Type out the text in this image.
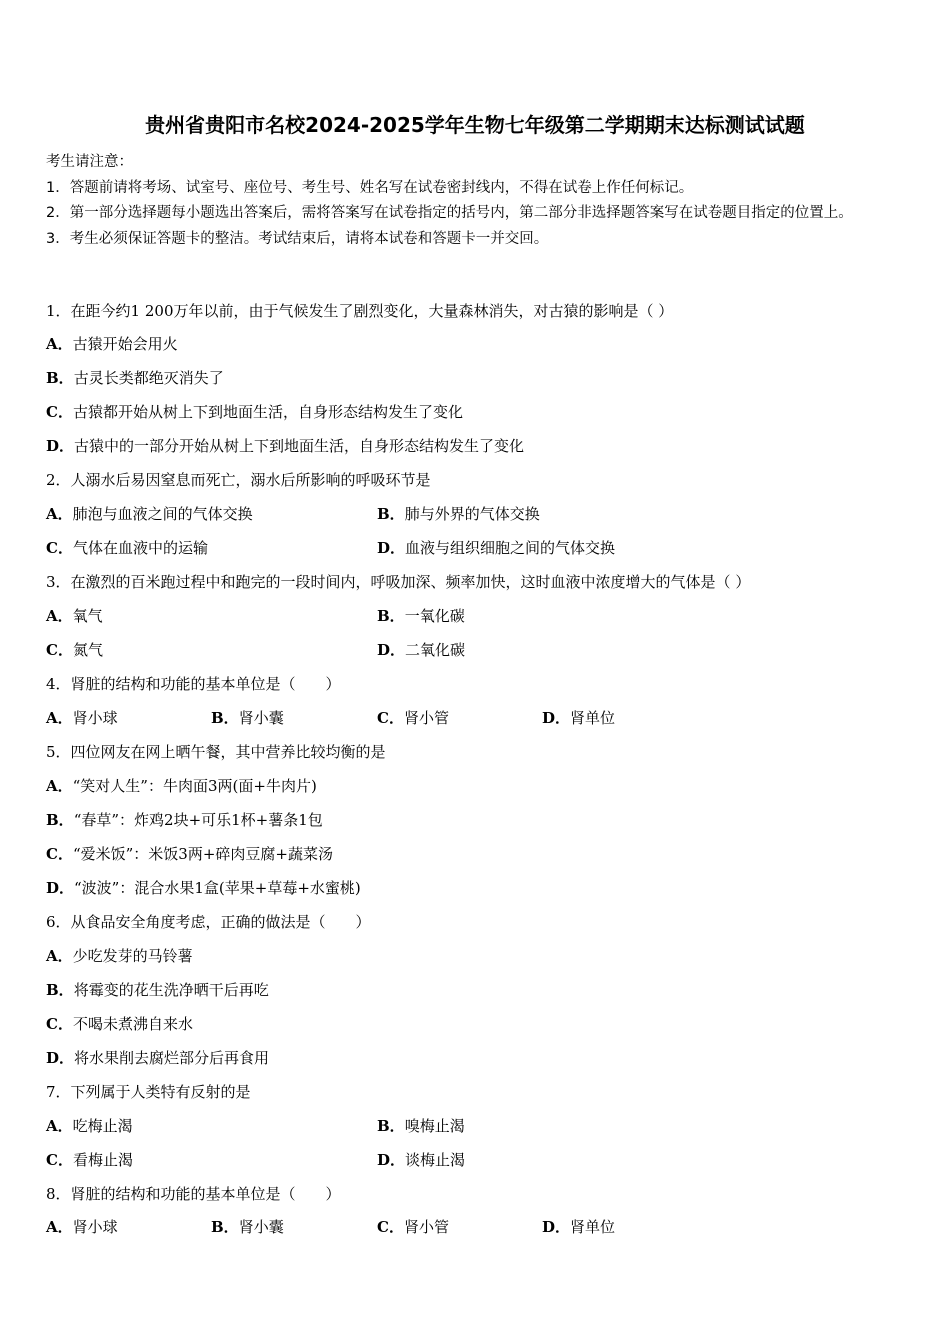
贵州省贵阳市名校2024-2025学年生物七年级第二学期期末达标测试试题
考生请注意：
1．答题前请将考场、试室号、座位号、考生号、姓名写在试卷密封线内，不得在试卷上作任何标记。
2．第一部分选择题每小题选出答案后，需将答案写在试卷指定的括号内，第二部分非选择题答案写在试卷题目指定的位置上。
3．考生必须保证答题卡的整洁。考试结束后，请将本试卷和答题卡一并交回。
1．在距今约1 200万年以前，由于气候发生了剧烈变化，大量森林消失，对古猿的影响是（ ）
A．古猿开始会用火
B．古灵长类都绝灭消失了
C．古猿都开始从树上下到地面生活，自身形态结构发生了变化
D．古猿中的一部分开始从树上下到地面生活，自身形态结构发生了变化
2．人溺水后易因窒息而死亡，溺水后所影响的呼吸环节是
A．肺泡与血液之间的气体交换	B．肺与外界的气体交换
C．气体在血液中的运输	D．血液与组织细胞之间的气体交换
3．在激烈的百米跑过程中和跑完的一段时间内，呼吸加深、频率加快，这时血液中浓度增大的气体是（ ）
A．氧气	B．一氧化碳
C．氮气	D．二氧化碳
4．肾脏的结构和功能的基本单位是（　　）
A．肾小球	B．肾小囊	C．肾小管	D．肾单位
5．四位网友在网上晒午餐，其中营养比较均衡的是
A．“笑对人生”：牛肉面3两(面+牛肉片)
B．“春草”：炸鸡2块+可乐1杯+薯条1包
C．“爱米饭”：米饭3两+碎肉豆腐+蔬菜汤
D．“波波”：混合水果1盒(苹果+草莓+水蜜桃)
6．从食品安全角度考虑，正确的做法是（　　）
A．少吃发芽的马铃薯
B．将霉变的花生洗净晒干后再吃
C．不喝未煮沸自来水
D．将水果削去腐烂部分后再食用
7．下列属于人类特有反射的是
A．吃梅止渴	B．嗅梅止渴
C．看梅止渴	D．谈梅止渴
8．肾脏的结构和功能的基本单位是（　　）
A．肾小球	B．肾小囊	C．肾小管	D．肾单位
